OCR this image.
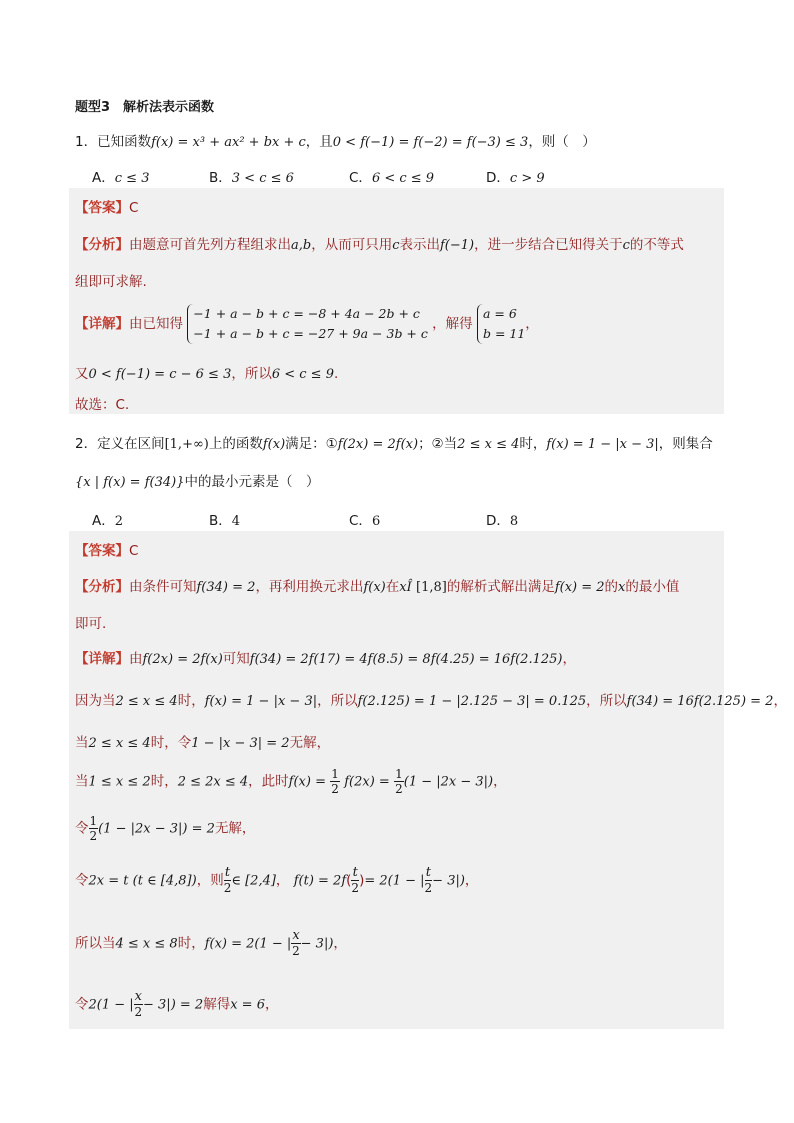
题型3　解析法表示函数
1．已知函数f(x) = x³ + ax² + bx + c，且0 < f(−1) = f(−2) = f(−3) ≤ 3，则（　）
A．c ≤ 3	B．3 < c ≤ 6	C．6 < c ≤ 9	D．c > 9
【答案】C
【分析】由题意可首先列方程组求出a,b，从而可只用c表示出f(−1)，进一步结合已知得关于c的不等式
组即可求解.
【详解】由已知得
−1 + a − b + c = −8 + 4a − 2b + c
−1 + a − b + c = −27 + 9a − 3b + c
，解得
a = 6
b = 11
，
又0 < f(−1) = c − 6 ≤ 3，所以6 < c ≤ 9.
故选：C.
2．定义在区间[1,+∞)上的函数f(x)满足：①f(2x) = 2f(x)；②当2 ≤ x ≤ 4时，f(x) = 1 − |x − 3|，则集合
{x | f(x) = f(34)}中的最小元素是（　）
A．2	B．4	C．6	D．8
【答案】C
【分析】由条件可知f(34) = 2，再利用换元求出f(x)在xÎ [1,8]的解析式解出满足f(x) = 2的x的最小值
即可.
【详解】由f(2x) = 2f(x)可知f(34) = 2f(17) = 4f(8.5) = 8f(4.25) = 16f(2.125)，
因为当2 ≤ x ≤ 4时，f(x) = 1 − |x − 3|，所以f(2.125) = 1 − |2.125 − 3| = 0.125，所以f(34) = 16f(2.125) = 2，
当2 ≤ x ≤ 4时，令1 − |x − 3| = 2无解，
当1 ≤ x ≤ 2时，2 ≤ 2x ≤ 4，此时$f(x) = \frac{1}{2} f(2x) = \frac{1}{2} (1 - |2x - 3|)$，
令 $\frac{1}{2} (1 - |2x - 3|) = 2$无解，
令2x = t (t ∈ [4,8])，则 $\frac{t}{2}$ ∈ [2,4]， $f(t) = 2f( \frac{t}{2}$ )= 2(1 − | $\frac{t}{2} - 3|$)，
所以当4 ≤ x ≤ 8时，f(x) = 2(1 − | $\frac{x}{2} - 3|$)，
令2(1 − | $\frac{x}{2} - 3|) = 2$解得x = 6，
